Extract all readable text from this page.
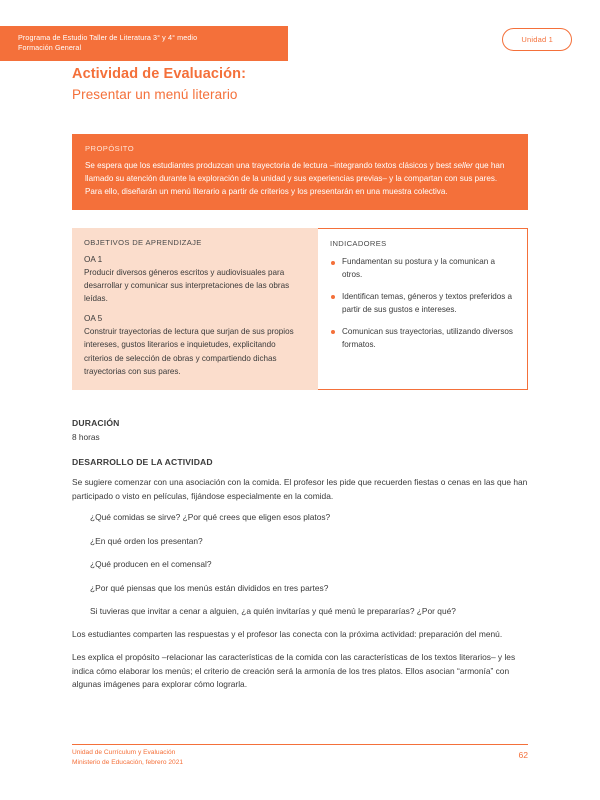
Programa de Estudio Taller de Literatura 3° y 4° medio
Formación General
Unidad 1
Actividad de Evaluación:
Presentar un menú literario
PROPÓSITO
Se espera que los estudiantes produzcan una trayectoria de lectura –integrando textos clásicos y best seller que han llamado su atención durante la exploración de la unidad y sus experiencias previas– y la compartan con sus pares. Para ello, diseñarán un menú literario a partir de criterios y los presentarán en una muestra colectiva.
OBJETIVOS DE APRENDIZAJE
OA 1
Producir diversos géneros escritos y audiovisuales para desarrollar y comunicar sus interpretaciones de las obras leídas.
OA 5
Construir trayectorias de lectura que surjan de sus propios intereses, gustos literarios e inquietudes, explicitando criterios de selección de obras y compartiendo dichas trayectorias con sus pares.
INDICADORES
Fundamentan su postura y la comunican a otros.
Identifican temas, géneros y textos preferidos a partir de sus gustos e intereses.
Comunican sus trayectorias, utilizando diversos formatos.
DURACIÓN
8 horas
DESARROLLO DE LA ACTIVIDAD
Se sugiere comenzar con una asociación con la comida. El profesor les pide que recuerden fiestas o cenas en las que han participado o visto en películas, fijándose especialmente en la comida.
¿Qué comidas se sirve? ¿Por qué crees que eligen esos platos?
¿En qué orden los presentan?
¿Qué producen en el comensal?
¿Por qué piensas que los menús están divididos en tres partes?
Si tuvieras que invitar a cenar a alguien, ¿a quién invitarías y qué menú le prepararías? ¿Por qué?
Los estudiantes comparten las respuestas y el profesor las conecta con la próxima actividad: preparación del menú.
Les explica el propósito –relacionar las características de la comida con las características de los textos literarios– y les indica cómo elaborar los menús; el criterio de creación será la armonía de los tres platos. Ellos asocian “armonía” con algunas imágenes para explorar cómo lograrla.
Unidad de Currículum y Evaluación
Ministerio de Educación, febrero 2021
62
